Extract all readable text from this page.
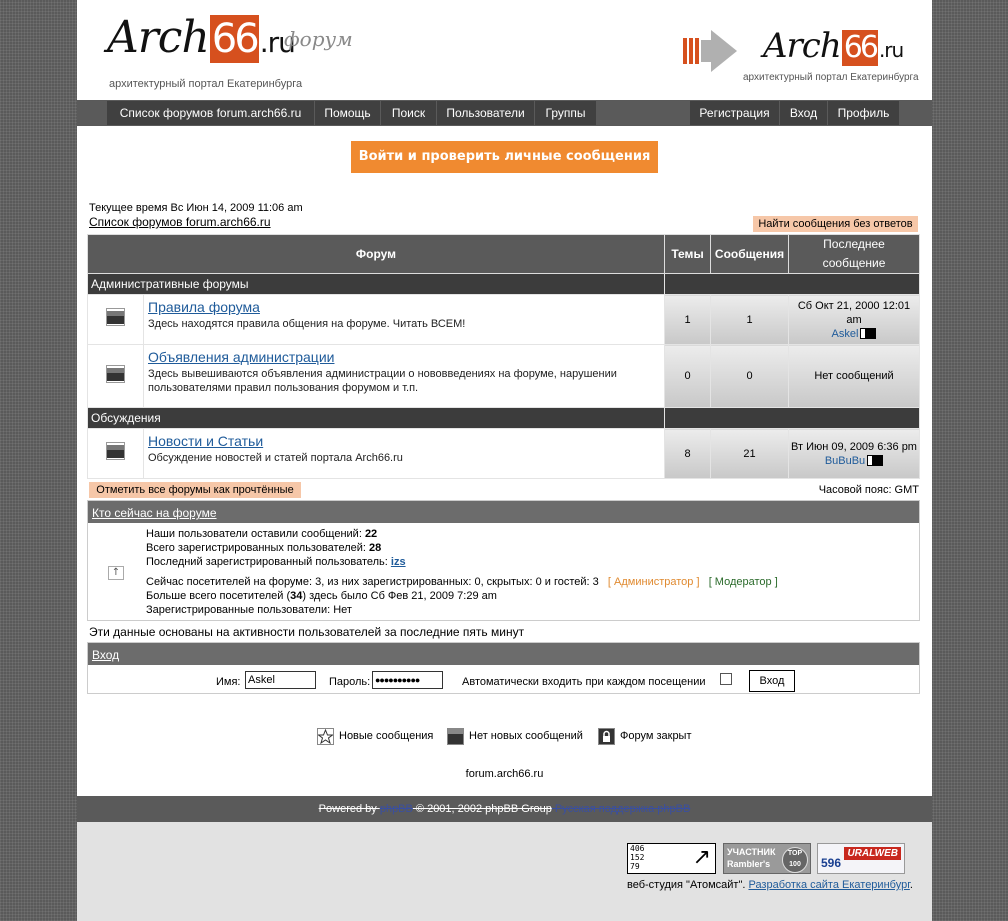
Arch66 .ru
форум
архитектурный портал Екатеринбурга
Arch 66 .ru
архитектурный портал Екатеринбурга
Список форумов forum.arch66.ru	Помощь	Поиск	Пользователи	Группы	Регистрация	Вход	Профиль
Войти и проверить личные сообщения
Текущее время Вс Июн 14, 2009 11:06 am
Список форумов forum.arch66.ru	Найти сообщения без ответов
Форум		Темы	Сообщения	Последнее
сообщение
Административные форумы				

	Правила форума
Здесь находятся правила общения на форуме. Читать ВСЕМ!	1	1	Сб Окт 21, 2000 12:01 am
Askel

	Объявления администрации
Здесь вывешиваются объявления администрации о нововведениях на форуме, нарушении пользователями правил пользования форумом и т.п.	0	0	Нет сообщений
Обсуждения				

	Новости и Статьи
Обсуждение новостей и статей портала Arch66.ru	8	21	Вт Июн 09, 2009 6:36 pm
BuBuBu
Отметить все форумы как прочтённые	Часовой пояс: GMT
Кто сейчас на форуме
↑
Наши пользователи оставили сообщений: 22
Всего зарегистрированных пользователей: 28
Последний зарегистрированный пользователь: izs
Сейчас посетителей на форуме: 3, из них зарегистрированных: 0, скрытых: 0 и гостей: 3 [ Администратор ] [ Модератор ]
Больше всего посетителей (34) здесь было Сб Фев 21, 2009 7:29 am
Зарегистрированные пользователи: Нет
Эти данные основаны на активности пользователей за последние пять минут
Вход
Имя: Askel	Пароль: ●●●●●●●●●●	Автоматически входить при каждом посещении	Вход
Новые сообщения	Нет новых сообщений	Форум закрыт
forum.arch66.ru
Powered by phpBB © 2001, 2002 phpBB Group Русская поддержка phpBB
406
152
79	↗ УЧАСТНИК
Rambler's
TOP 100	596
URALWEB
веб-студия "Атомсайт". Разработка сайта Екатеринбург.
